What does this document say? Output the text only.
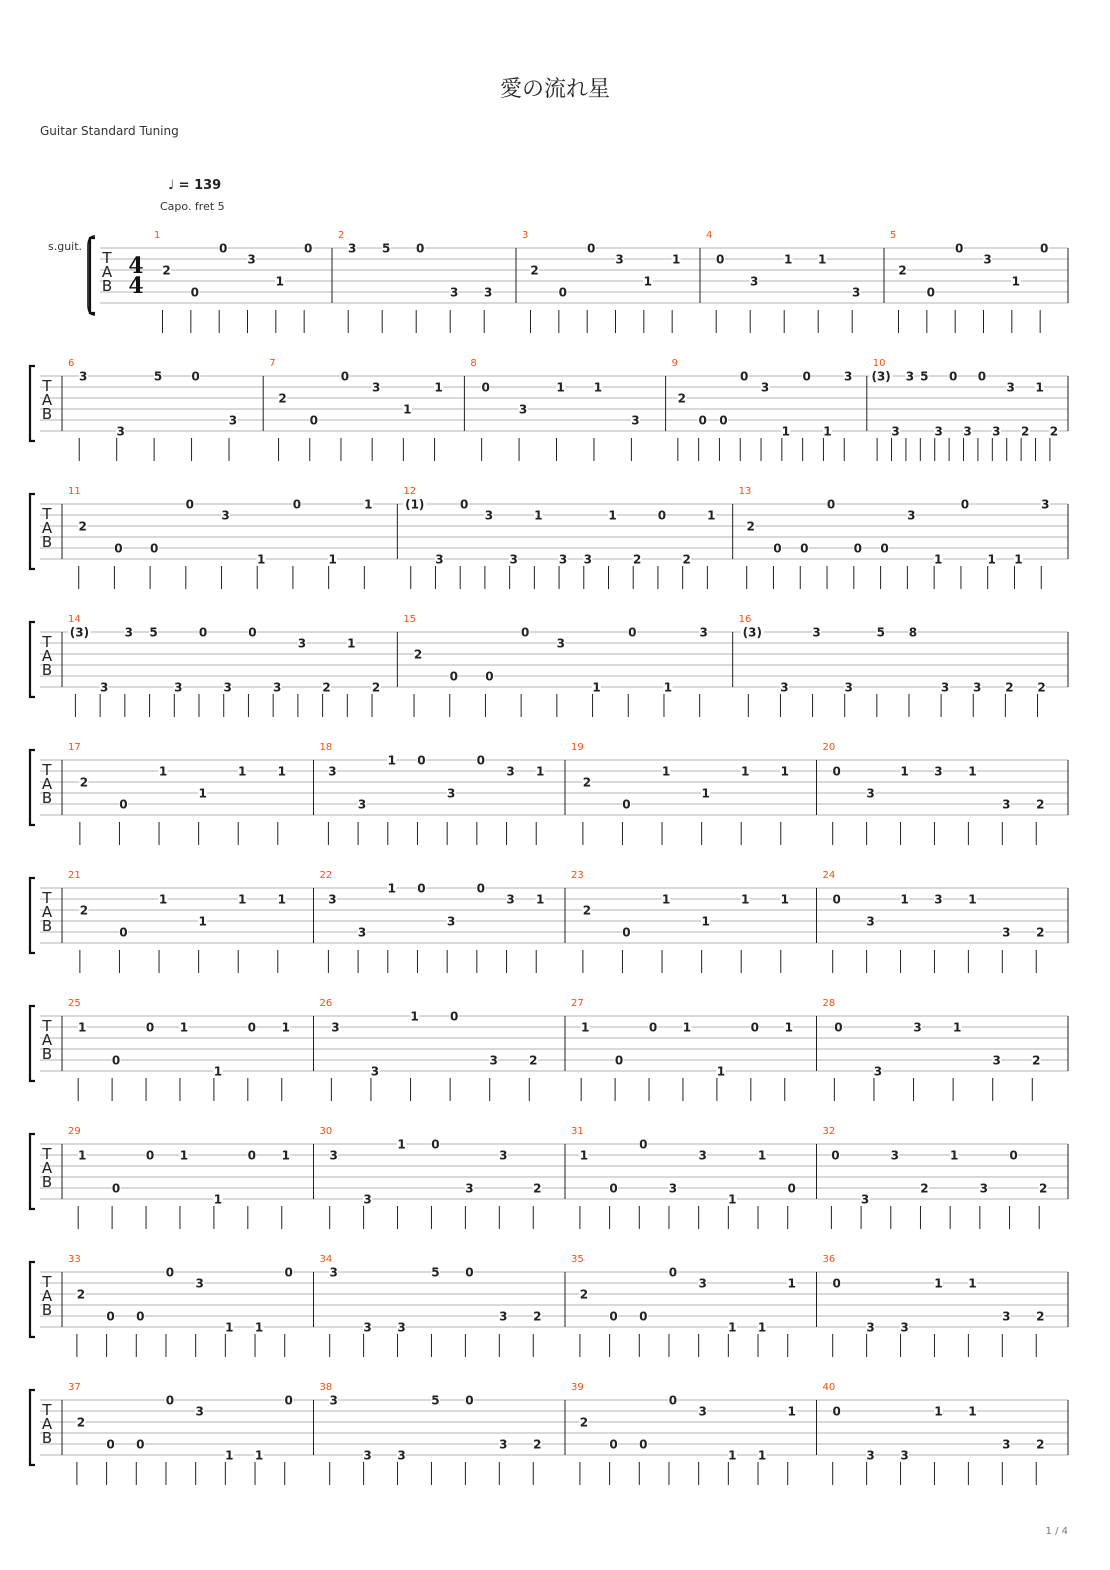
愛の流れ星
Guitar Standard Tuning
♩ = 139
Capo. fret 5
s.guit.
T
A
B
4
4
1
2
0
0
3
1
0
2
3 5 0
3 3
3
2
0
0
3
1
1
4
0
3
1 1
3
5
2
0
0
3
1
0
T
A
B
6
3
3
5 0
3
7
2
0
0
3
1
1
8
0
3
1 1
3
9
2
0 0
0
3
1
0
1
3
10
(3)
3
3 5
3
0
3
0
3
3
2
1
2
T
A
B
11
2
0 0
0
3
1
0
1
1
12
(1)
3
0
3
3
1
3 3
1
2
0
2
1
13
2
0 0
0
0 0
3
1
0
1 1
3
T
A
B
14
(3)
3
3 5
3
0
3
0
3
3
2
1
2
15
2
0 0
0
3
1
0
1
3
16
(3)
3
3
3
5 8
3 3 2 2
T
A
B
17
2
0
1
1
1	1
18
3
3
1 0
3
0
3 1
19
2
0
1
1
1	1
20
0
3
1 3 1
3 2
T
A
B
21
2
0
1
1
1	1
22
3
3
1 0
3
0
3 1
23
2
0
1
1
1	1
24
0
3
1 3 1
3 2
T
A
B
25
1
0
0 1
1
0 1
26
3
3
1	0
3	2
27
1
0
0 1
1
0 1
28
0
3
3	1
3	2
T
A
B
29
1
0
0 1
1
0 1
30
3
3
1 0
3
3
2
31
1
0
0
3
3
1
1
0
32
0
3
3
2
1
3
0
2
T
A
B
33
2
0 0
0
3
1 1
0
34
3
3 3
5 0
3 2
35
2
0 0
0
3
1 1
1
36
0
3 3
1 1
3 2
T
A
B
37
2
0 0
0
3
1 1
0
38
3
3 3
5 0
3 2
39
2
0 0
0
3
1 1
1
40
0
3 3
1 1
3 2
1 / 4
